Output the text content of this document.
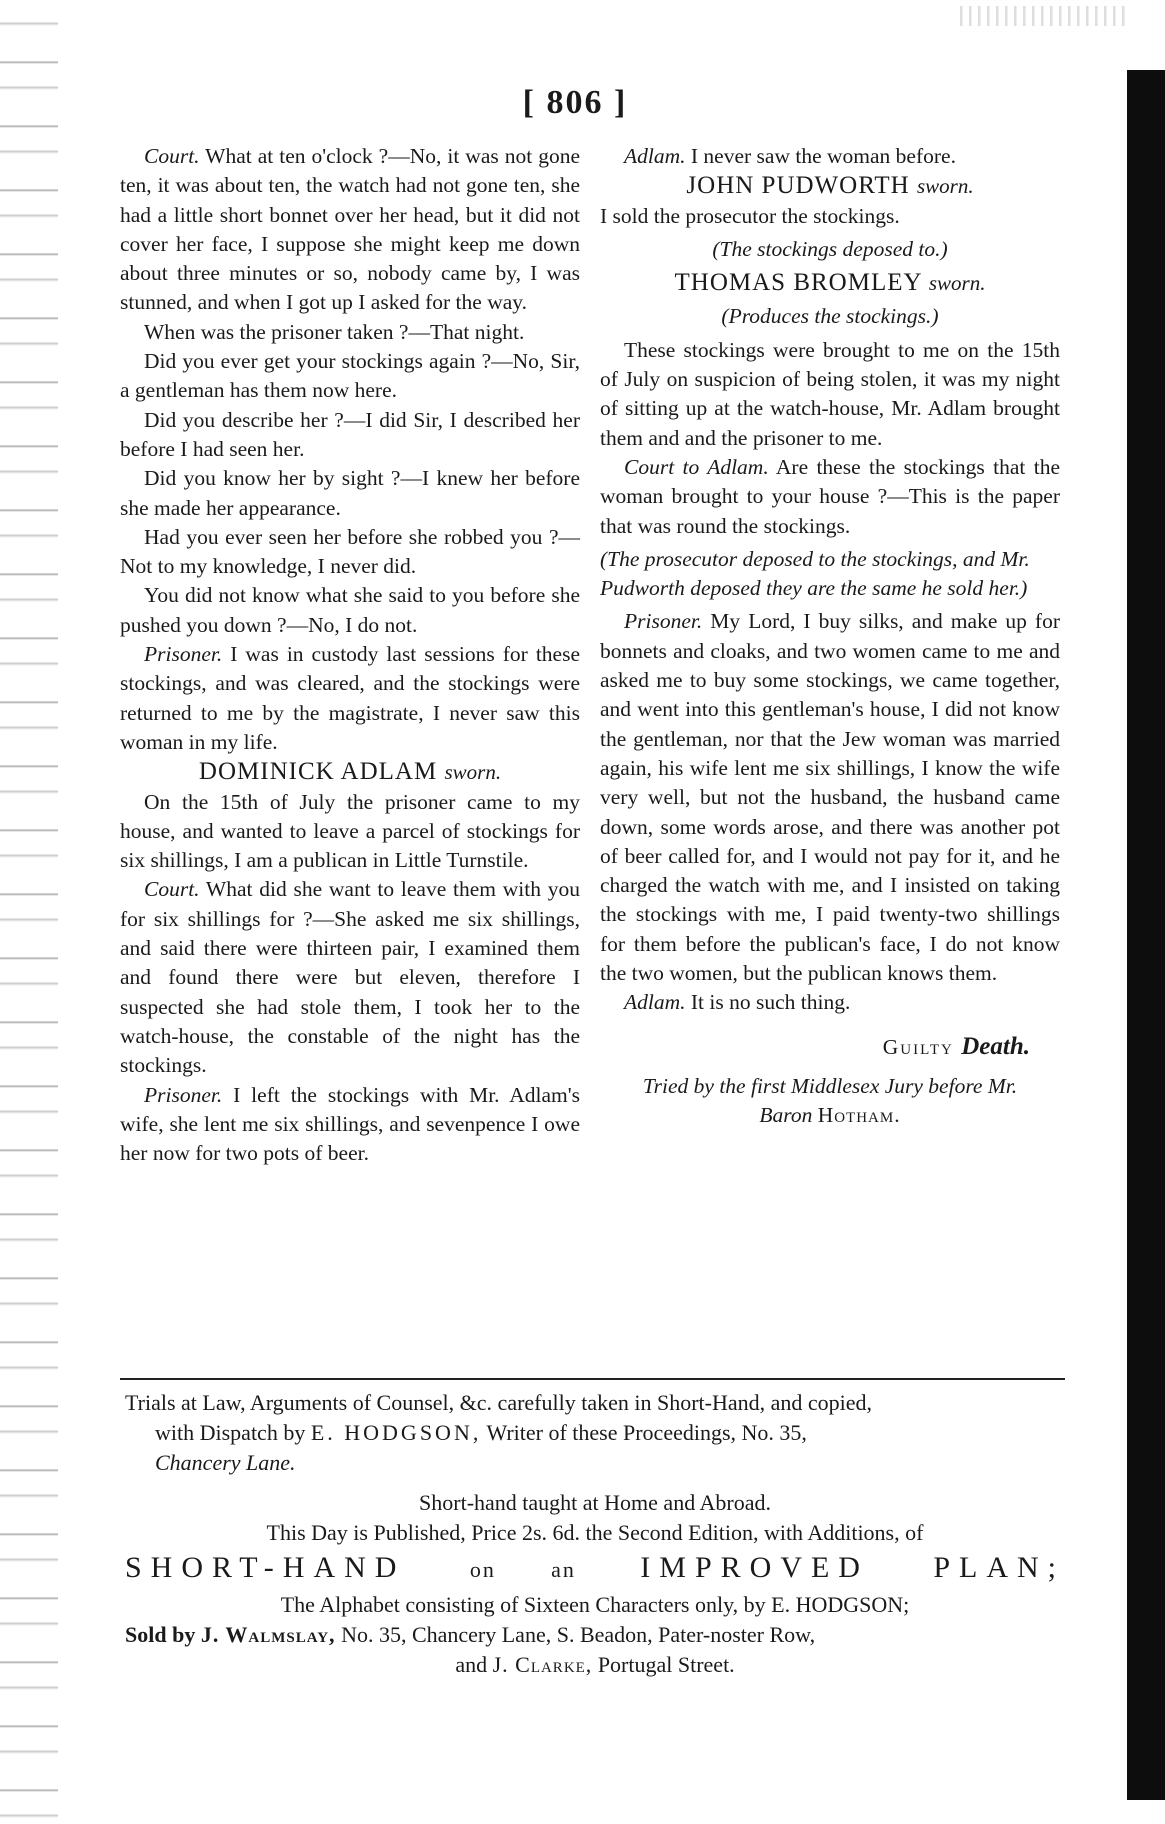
[ 806 ]

Court. What at ten o'clock ?—No, it was not gone ten, it was about ten, the watch had not gone ten, she had a little short bonnet over her head, but it did not cover her face, I suppose she might keep me down about three minutes or so, nobody came by, I was stunned, and when I got up I asked for the way.

When was the prisoner taken ?—That night.

Did you ever get your stockings again ?—No, Sir, a gentleman has them now here.

Did you describe her ?—I did Sir, I described her before I had seen her.

Did you know her by sight ?—I knew her before she made her appearance.

Had you ever seen her before she robbed you ?—Not to my knowledge, I never did.

You did not know what she said to you before she pushed you down ?—No, I do not.

Prisoner. I was in custody last sessions for these stockings, and was cleared, and the stockings were returned to me by the magistrate, I never saw this woman in my life.

DOMINICK ADLAM sworn.

On the 15th of July the prisoner came to my house, and wanted to leave a parcel of stockings for six shillings, I am a publican in Little Turnstile.

Court. What did she want to leave them with you for six shillings for ?—She asked me six shillings, and said there were thirteen pair, I examined them and found there were but eleven, therefore I suspected she had stole them, I took her to the watch-house, the constable of the night has the stockings.

Prisoner. I left the stockings with Mr. Adlam's wife, she lent me six shillings, and sevenpence I owe her now for two pots of beer.

Adlam. I never saw the woman before.

JOHN PUDWORTH sworn.

I sold the prosecutor the stockings.

(The stockings deposed to.)

THOMAS BROMLEY sworn.

(Produces the stockings.)

These stockings were brought to me on the 15th of July on suspicion of being stolen, it was my night of sitting up at the watch-house, Mr. Adlam brought them and and the prisoner to me.

Court to Adlam. Are these the stockings that the woman brought to your house ?—This is the paper that was round the stockings.

(The prosecutor deposed to the stockings, and Mr. Pudworth deposed they are the same he sold her.)

Prisoner. My Lord, I buy silks, and make up for bonnets and cloaks, and two women came to me and asked me to buy some stockings, we came together, and went into this gentleman's house, I did not know the gentleman, nor that the Jew woman was married again, his wife lent me six shillings, I know the wife very well, but not the husband, the husband came down, some words arose, and there was another pot of beer called for, and I would not pay for it, and he charged the watch with me, and I insisted on taking the stockings with me, I paid twenty-two shillings for them before the publican's face, I do not know the two women, but the publican knows them.

Adlam. It is no such thing.

Guilty Death.

Tried by the first Middlesex Jury before Mr.

Baron Hotham.

Trials at Law, Arguments of Counsel, &c. carefully taken in Short-Hand, and copied,
with Dispatch by E. HODGSON, Writer of these Proceedings, No. 35,

Chancery Lane.

Short-hand taught at Home and Abroad.

This Day is Published, Price 2s. 6d. the Second Edition, with Additions, of

SHORT-HAND	on an IMPROVED PLAN;

The Alphabet consisting of Sixteen Characters only, by E. HODGSON;

Sold by J. Walmslay, No. 35, Chancery Lane, S. Beadon, Pater-noster Row,

and J. Clarke, Portugal Street.
